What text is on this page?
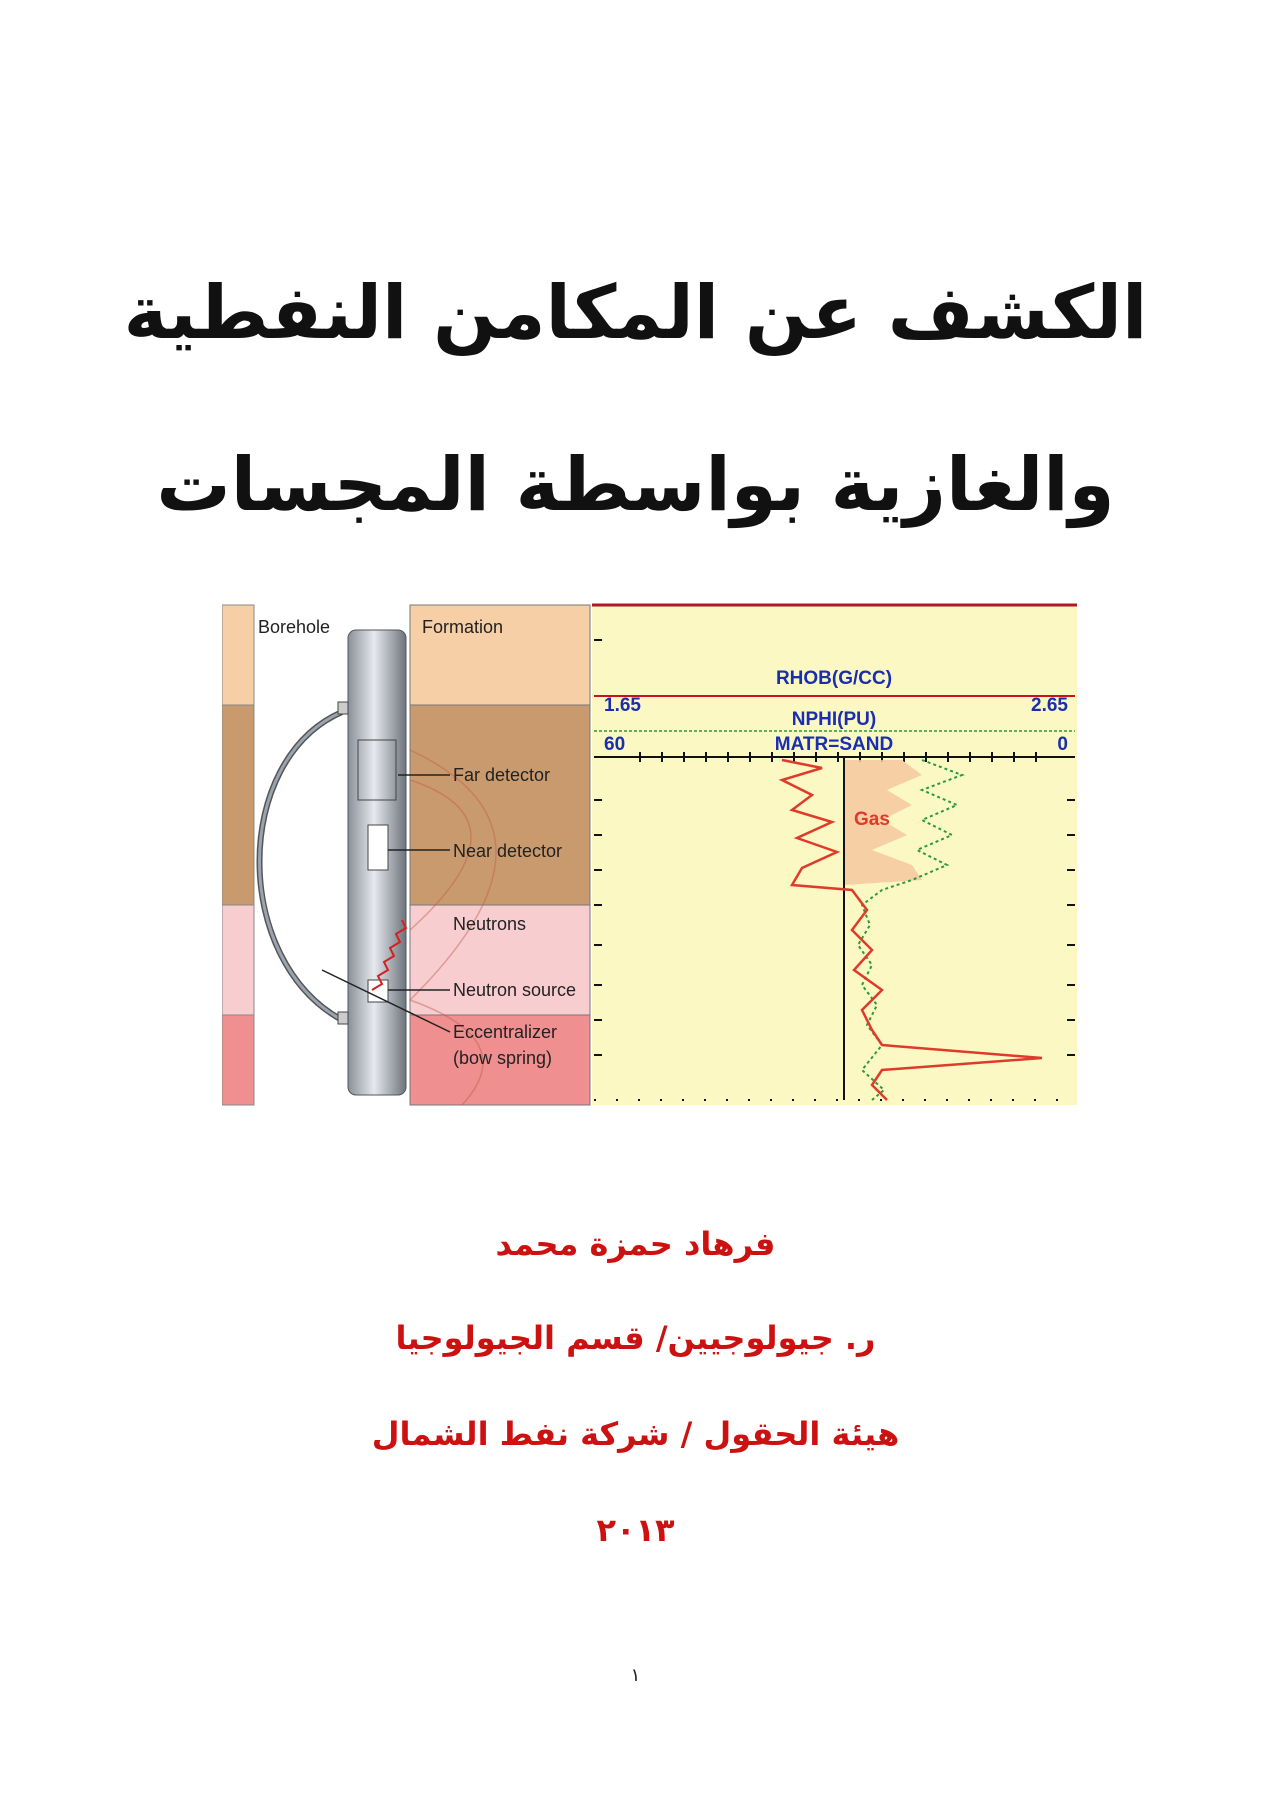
الكشف عن المكامن النفطية
والغازية بواسطة المجسات
Borehole	Formation
Far detector
Near detector
Neutrons
Neutron source
Eccentralizer
(bow spring)
RHOB(G/CC)
1.65	2.65
NPHI(PU)
60	0
MATR=SAND
Gas
فرهاد حمزة محمد
ر. جيولوجيين/ قسم الجيولوجيا
هيئة الحقول / شركة نفط الشمال
٢٠١٣
١
